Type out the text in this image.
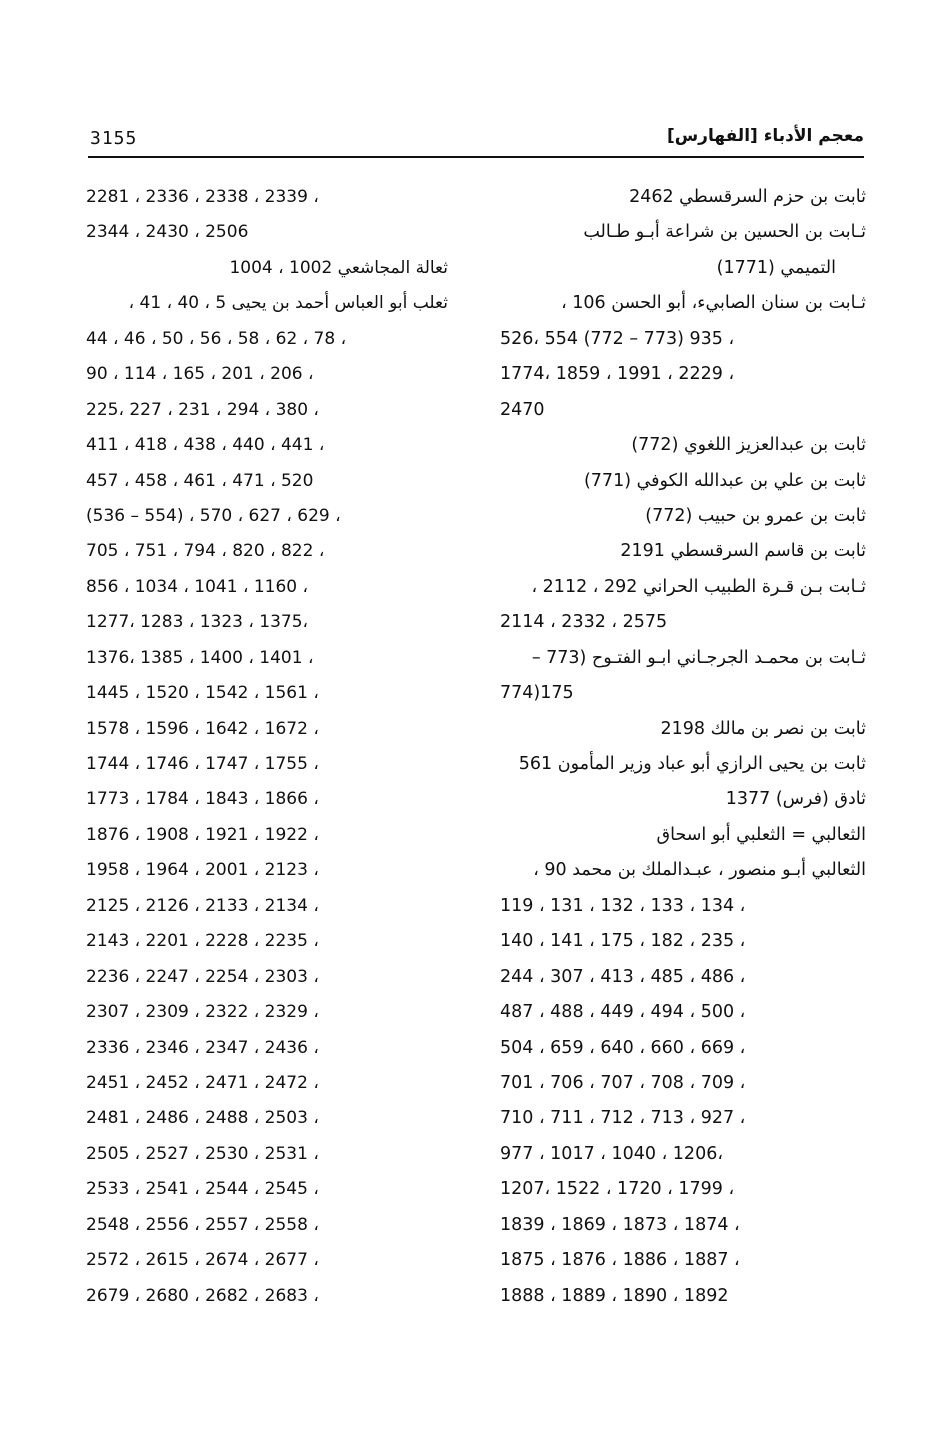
3155	معجم الأدباء [الفهارس]
ثابت بن حزم السرقسطي 2462
ثـابت بن الحسين بن شراعة أبـو طـالب
التميمي (1771)
ثـابت بن سنان الصابيء، أبو الحسن 106 ،
526، 554 (772 – 773) 935 ،
1774، 1859 ، 1991 ، 2229 ،
2470
ثابت بن عبدالعزيز اللغوي (772)
ثابت بن علي بن عبدالله الكوفي (771)
ثابت بن عمرو بن حبيب (772)
ثابت بن قاسم السرقسطي 2191
ثـابت بـن قـرة الطبيب الحراني 292 ، 2112 ،
2114 ، 2332 ، 2575
ثـابت بن محمـد الجرجـاني ابـو الفتـوح (773 –
774)175
ثابت بن نصر بن مالك 2198
ثابت بن يحيى الرازي أبو عباد وزير المأمون 561
ثادق (فرس) 1377
الثعالبي = الثعلبي أبو اسحاق
الثعالبي أبـو منصور ، عبـدالملك بن محمد 90 ،
119 ، 131 ، 132 ، 133 ، 134 ،
140 ، 141 ، 175 ، 182 ، 235 ،
244 ، 307 ، 413 ، 485 ، 486 ،
487 ، 488 ، 449 ، 494 ، 500 ،
504 ، 659 ، 640 ، 660 ، 669 ،
701 ، 706 ، 707 ، 708 ، 709 ،
710 ، 711 ، 712 ، 713 ، 927 ،
977 ، 1017 ، 1040 ، 1206،
1207، 1522 ، 1720 ، 1799 ،
1839 ، 1869 ، 1873 ، 1874 ،
1875 ، 1876 ، 1886 ، 1887 ،
1888 ، 1889 ، 1890 ، 1892
2281 ، 2336 ، 2338 ، 2339 ،
2344 ، 2430 ، 2506
ثعالة المجاشعي 1002 ، 1004
ثعلب أبو العباس أحمد بن يحيى 5 ، 40 ، 41 ،
44 ، 46 ، 50 ، 56 ، 58 ، 62 ، 78 ،
90 ، 114 ، 165 ، 201 ، 206 ،
225، 227 ، 231 ، 294 ، 380 ،
411 ، 418 ، 438 ، 440 ، 441 ،
457 ، 458 ، 461 ، 471 ، 520
(536 – 554) ، 570 ، 627 ، 629 ،
705 ، 751 ، 794 ، 820 ، 822 ،
856 ، 1034 ، 1041 ، 1160 ،
1277، 1283 ، 1323 ، 1375،
1376، 1385 ، 1400 ، 1401 ،
1445 ، 1520 ، 1542 ، 1561 ،
1578 ، 1596 ، 1642 ، 1672 ،
1744 ، 1746 ، 1747 ، 1755 ،
1773 ، 1784 ، 1843 ، 1866 ،
1876 ، 1908 ، 1921 ، 1922 ،
1958 ، 1964 ، 2001 ، 2123 ،
2125 ، 2126 ، 2133 ، 2134 ،
2143 ، 2201 ، 2228 ، 2235 ،
2236 ، 2247 ، 2254 ، 2303 ،
2307 ، 2309 ، 2322 ، 2329 ،
2336 ، 2346 ، 2347 ، 2436 ،
2451 ، 2452 ، 2471 ، 2472 ،
2481 ، 2486 ، 2488 ، 2503 ،
2505 ، 2527 ، 2530 ، 2531 ،
2533 ، 2541 ، 2544 ، 2545 ،
2548 ، 2556 ، 2557 ، 2558 ،
2572 ، 2615 ، 2674 ، 2677 ،
2679 ، 2680 ، 2682 ، 2683 ،
